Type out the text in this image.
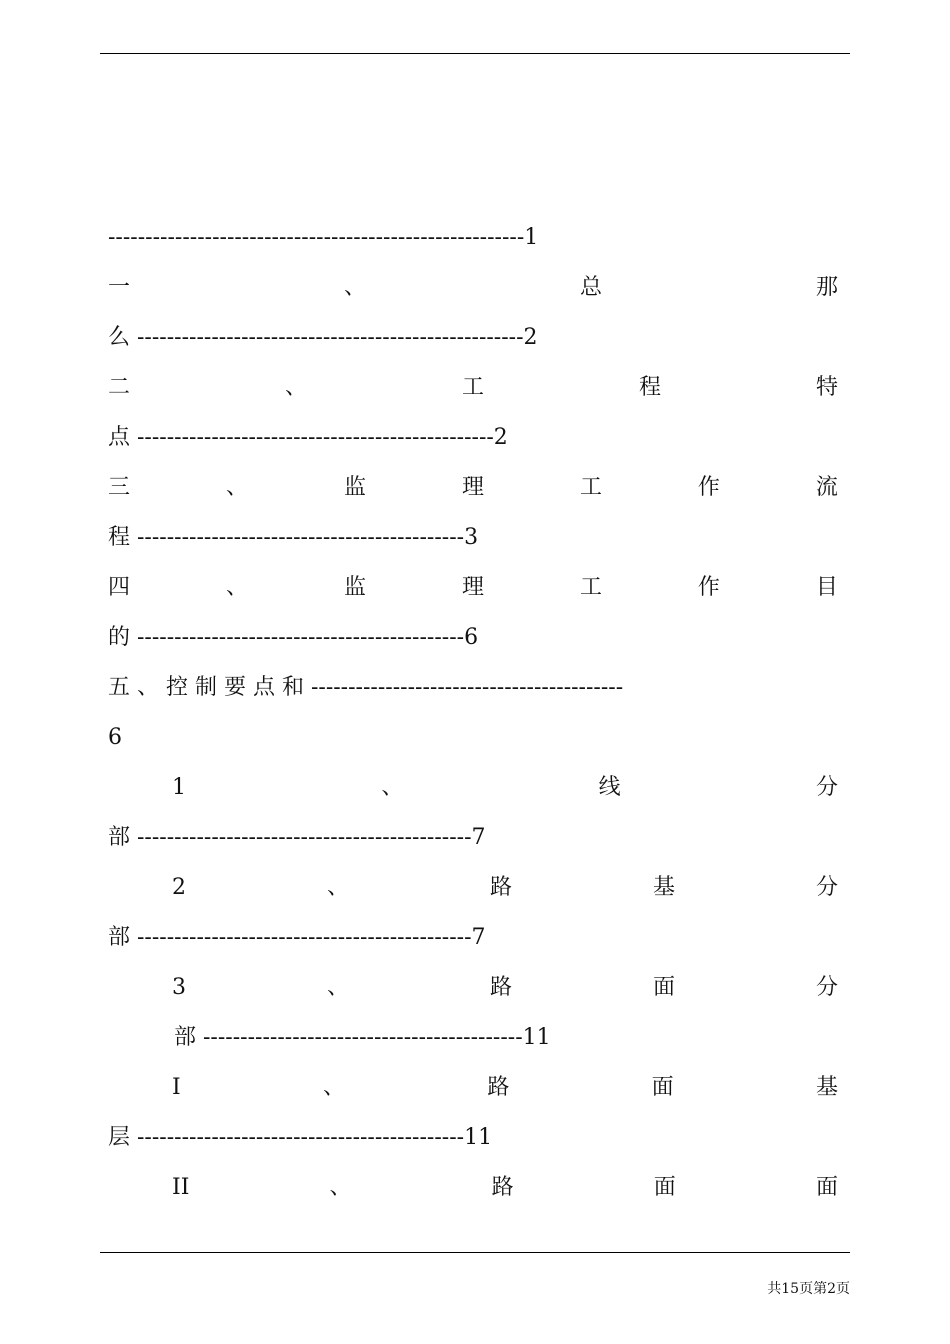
--------------------------------------------------------1
一	、	总	那
么 ----------------------------------------------------2
二	、	工	程	特
点 ------------------------------------------------2
三	、	监	理	工	作	流
程 --------------------------------------------3
四	、	监	理	工	作	目
的 --------------------------------------------6
五 、 控 制 要 点 和 ------------------------------------------
6
1	、	线	分
部 ---------------------------------------------7
2	、	路	基	分
部 ---------------------------------------------7
3	、	路	面	分
部 -------------------------------------------11
I	、	路	面	基
层 --------------------------------------------11
II	、	路	面	面
共15页第2页
